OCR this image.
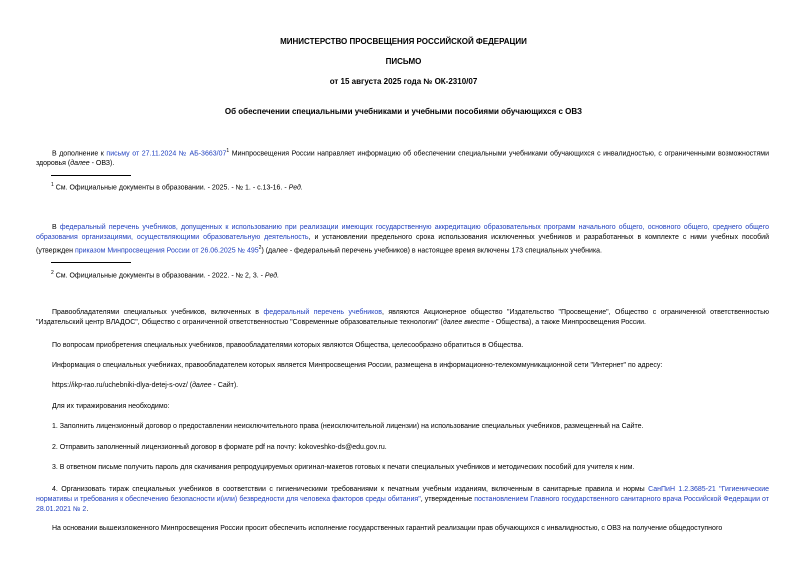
МИНИСТЕРСТВО ПРОСВЕЩЕНИЯ РОССИЙСКОЙ ФЕДЕРАЦИИ
ПИСЬМО
от 15 августа 2025 года № ОК-2310/07
Об обеспечении специальными учебниками и учебными пособиями обучающихся с ОВЗ
В дополнение к письму от 27.11.2024 № $АБ-3663/07^1$ Минпросвещения России направляет информацию об обеспечении специальными учебниками обучающихся с инвалидностью, с ограниченными возможностями здоровья (далее - ОВЗ).
$^1$ См. Официальные документы в образовании. - 2025. - № 1. - с.13-16. - Ред.
В федеральный перечень учебников, допущенных к использованию при реализации имеющих государственную аккредитацию образовательных программ начального общего, основного общего, среднего общего образования организациями, осуществляющими образовательную деятельность, и установлении предельного срока использования исключенных учебников и разработанных в комплекте с ними учебных пособий (утвержден приказом Минпросвещения России от 26.06.2025 № $495^2$) (далее - федеральный перечень учебников) в настоящее время включены 173 специальных учебника.
$^2$ См. Официальные документы в образовании. - 2022. - № 2, 3. - Ред.
Правообладателями специальных учебников, включенных в федеральный перечень учебников, являются Акционерное общество "Издательство "Просвещение", Общество с ограниченной ответственностью "Издательский центр ВЛАДОС", Общество с ограниченной ответственностью "Современные образовательные технологии" (далее вместе - Общества), а также Минпросвещения России.
По вопросам приобретения специальных учебников, правообладателями которых являются Общества, целесообразно обратиться в Общества.
Информация о специальных учебниках, правообладателем которых является Минпросвещения России, размещена в информационно-телекоммуникационной сети "Интернет" по адресу:
https://ikp-rao.ru/uchebniki-dlya-detej-s-ovz/ (далее - Сайт).
Для их тиражирования необходимо:
1. Заполнить лицензионный договор о предоставлении неисключительного права (неисключительной лицензии) на использование специальных учебников, размещенный на Сайте.
2. Отправить заполненный лицензионный договор в формате pdf на почту: kokoveshko-ds@edu.gov.ru.
3. В ответном письме получить пароль для скачивания репродуцируемых оригинал-макетов готовых к печати специальных учебников и методических пособий для учителя к ним.
4. Организовать тираж специальных учебников в соответствии с гигиеническими требованиями к печатным учебным изданиям, включенным в санитарные правила и нормы СанПиН 1.2.3685-21 "Гигиенические нормативы и требования к обеспечению безопасности и(или) безвредности для человека факторов среды обитания", утвержденные постановлением Главного государственного санитарного врача Российской Федерации от 28.01.2021 № 2.
На основании вышеизложенного Минпросвещения России просит обеспечить исполнение государственных гарантий реализации прав обучающихся с инвалидностью, с ОВЗ на получение общедоступного
